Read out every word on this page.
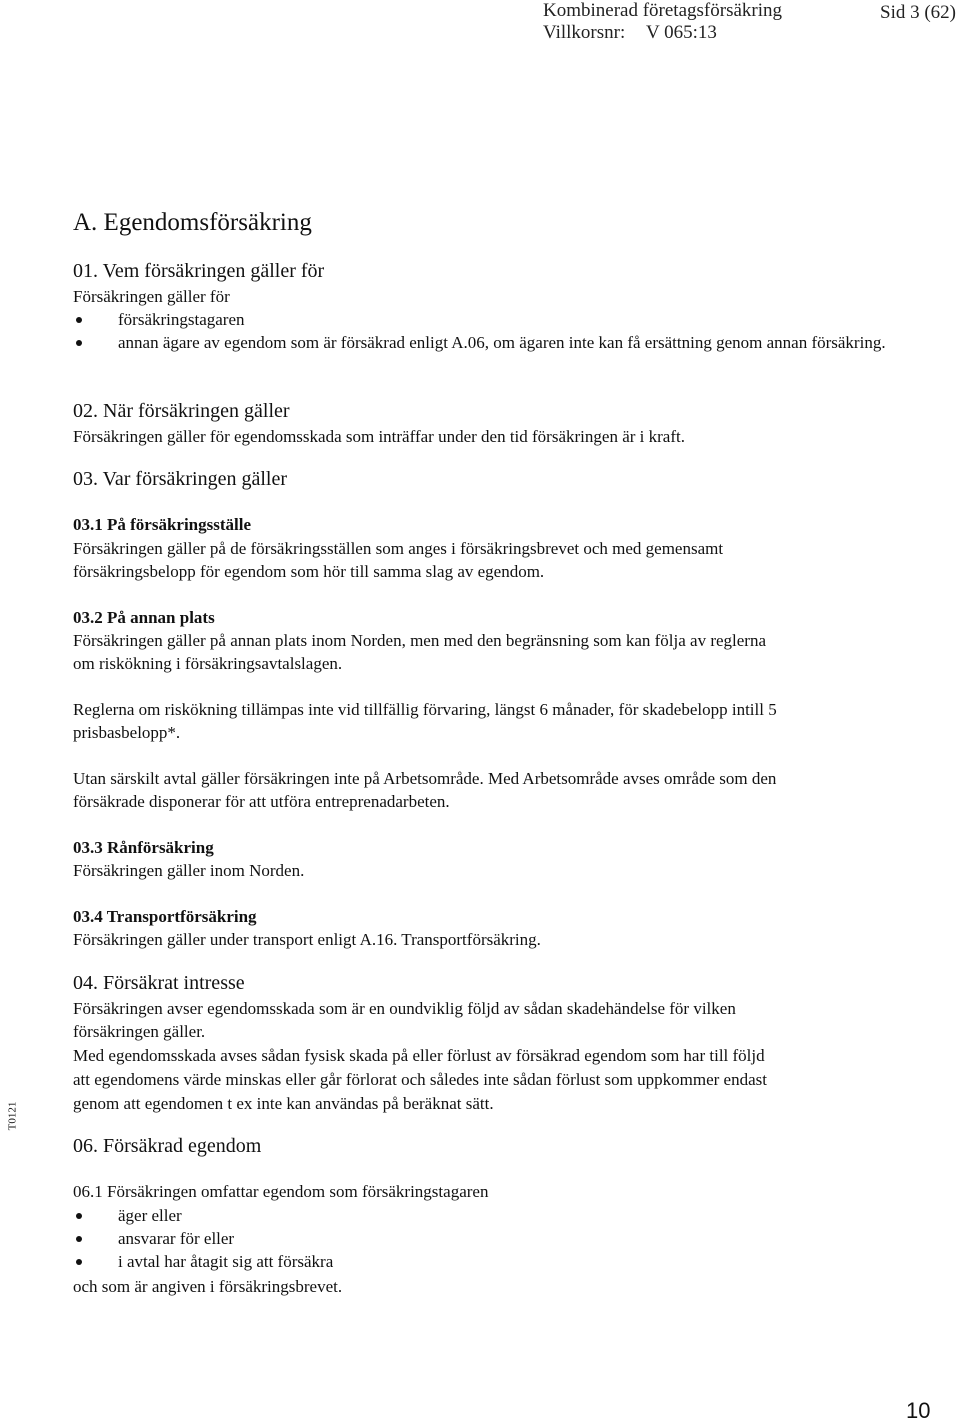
Kombinerad företagsförsäkring	Sid 3 (62)
Villkorsnr: V 065:13
A. Egendomsförsäkring
01. Vem försäkringen gäller för
Försäkringen gäller för
försäkringstagaren
annan ägare av egendom som är försäkrad enligt A.06, om ägaren inte kan få ersättning genom annan försäkring.
02. När försäkringen gäller
Försäkringen gäller för egendomsskada som inträffar under den tid försäkringen är i kraft.
03. Var försäkringen gäller
03.1 På försäkringsställe
Försäkringen gäller på de försäkringsställen som anges i försäkringsbrevet och med gemensamt
försäkringsbelopp för egendom som hör till samma slag av egendom.
03.2 På annan plats
Försäkringen gäller på annan plats inom Norden, men med den begränsning som kan följa av reglerna
om riskökning i försäkringsavtalslagen.
Reglerna om riskökning tillämpas inte vid tillfällig förvaring, längst 6 månader, för skadebelopp intill 5
prisbasbelopp*.
Utan särskilt avtal gäller försäkringen inte på Arbetsområde. Med Arbetsområde avses område som den
försäkrade disponerar för att utföra entreprenadarbeten.
03.3 Rånförsäkring
Försäkringen gäller inom Norden.
03.4 Transportförsäkring
Försäkringen gäller under transport enligt A.16. Transportförsäkring.
04. Försäkrat intresse
Försäkringen avser egendomsskada som är en oundviklig följd av sådan skadehändelse för vilken
försäkringen gäller.
Med egendomsskada avses sådan fysisk skada på eller förlust av försäkrad egendom som har till följd
att egendomens värde minskas eller går förlorat och således inte sådan förlust som uppkommer endast
genom att egendomen t ex inte kan användas på beräknat sätt.
06. Försäkrad egendom
06.1 Försäkringen omfattar egendom som försäkringstagaren
äger eller
ansvarar för eller
i avtal har åtagit sig att försäkra
och som är angiven i försäkringsbrevet.
T0121
10
